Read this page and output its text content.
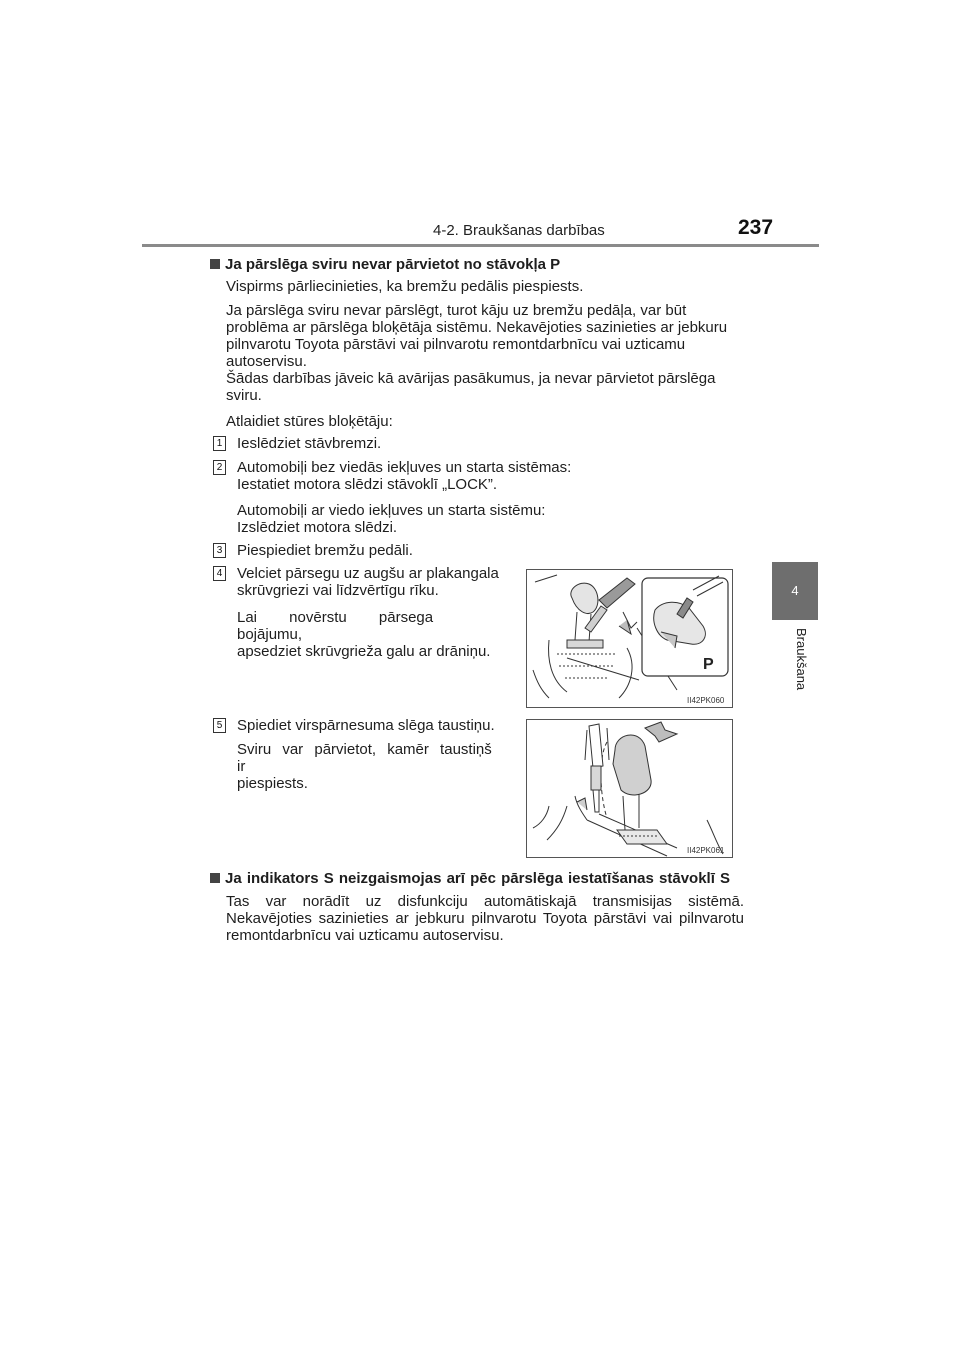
4-2. Braukšanas darbības	237
4
Braukšana
Ja pārslēga sviru nevar pārvietot no stāvokļa P
Vispirms pārliecinieties, ka bremžu pedālis piespiests.
Ja pārslēga sviru nevar pārslēgt, turot kāju uz bremžu pedāļa, var būt
problēma ar pārslēga bloķētāja sistēmu. Nekavējoties sazinieties ar jebkuru
pilnvarotu Toyota pārstāvi vai pilnvarotu remontdarbnīcu vai uzticamu
autoservisu.
Šādas darbības jāveic kā avārijas pasākumus, ja nevar pārvietot pārslēga
sviru.
Atlaidiet stūres bloķētāju:
1 Ieslēdziet stāvbremzi.
2 Automobiļi bez viedās iekļuves un starta sistēmas:
Iestatiet motora slēdzi stāvoklī „LOCK”.
Automobiļi ar viedo iekļuves un starta sistēmu:
Izslēdziet motora slēdzi.
3 Piespiediet bremžu pedāli.
4 Velciet pārsegu uz augšu ar plakangala
skrūvgriezi vai līdzvērtīgu rīku.
Lai novērstu pārsega bojājumu,
apsedziet skrūvgrieža galu ar drāniņu.
P
II42PK060
5 Spiediet virspārnesuma slēga taustiņu.
Sviru var pārvietot, kamēr taustiņš ir
piespiests.
II42PK061
Ja indikators S neizgaismojas arī pēc pārslēga iestatīšanas stāvoklī S
Tas var norādīt uz disfunkciju automātiskajā transmisijas sistēmā.
Nekavējoties sazinieties ar jebkuru pilnvarotu Toyota pārstāvi vai pilnvarotu
remontdarbnīcu vai uzticamu autoservisu.
